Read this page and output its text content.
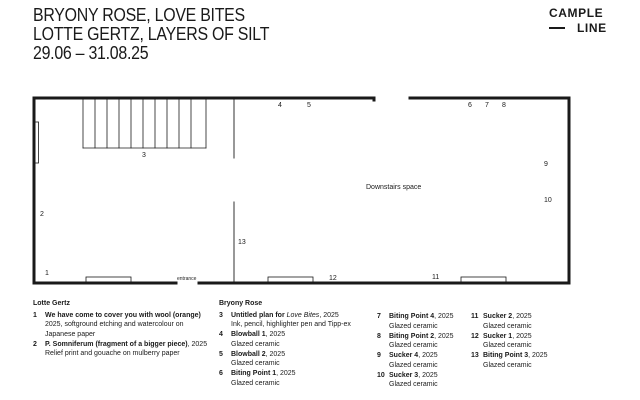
BRYONY ROSE, LOVE BITES
LOTTE GERTZ, LAYERS OF SILT
29.06 – 31.08.25
CAMPLE
LINE
Downstairs space
entrance
1
2
3
4	5	6 7 8
9
10
11
12
13
Lotte Gertz
1 We have come to cover you with wool (orange)
2025, softground etching and watercolour on Japanese paper
2 P. Somniferum (fragment of a bigger piece), 2025
Relief print and gouache on mulberry paper
Bryony Rose
3 Untitled plan for Love Bites, 2025
Ink, pencil, highlighter pen and Tipp-ex
4 Blowball 1, 2025
Glazed ceramic
5 Blowball 2, 2025
Glazed ceramic
6 Biting Point 1, 2025
Glazed ceramic
7 Biting Point 4, 2025
Glazed ceramic
8 Biting Point 2, 2025
Glazed ceramic
9 Sucker 4, 2025
Glazed ceramic
10 Sucker 3, 2025
Glazed ceramic
11 Sucker 2, 2025
Glazed ceramic
12 Sucker 1, 2025
Glazed ceramic
13 Biting Point 3, 2025
Glazed ceramic
